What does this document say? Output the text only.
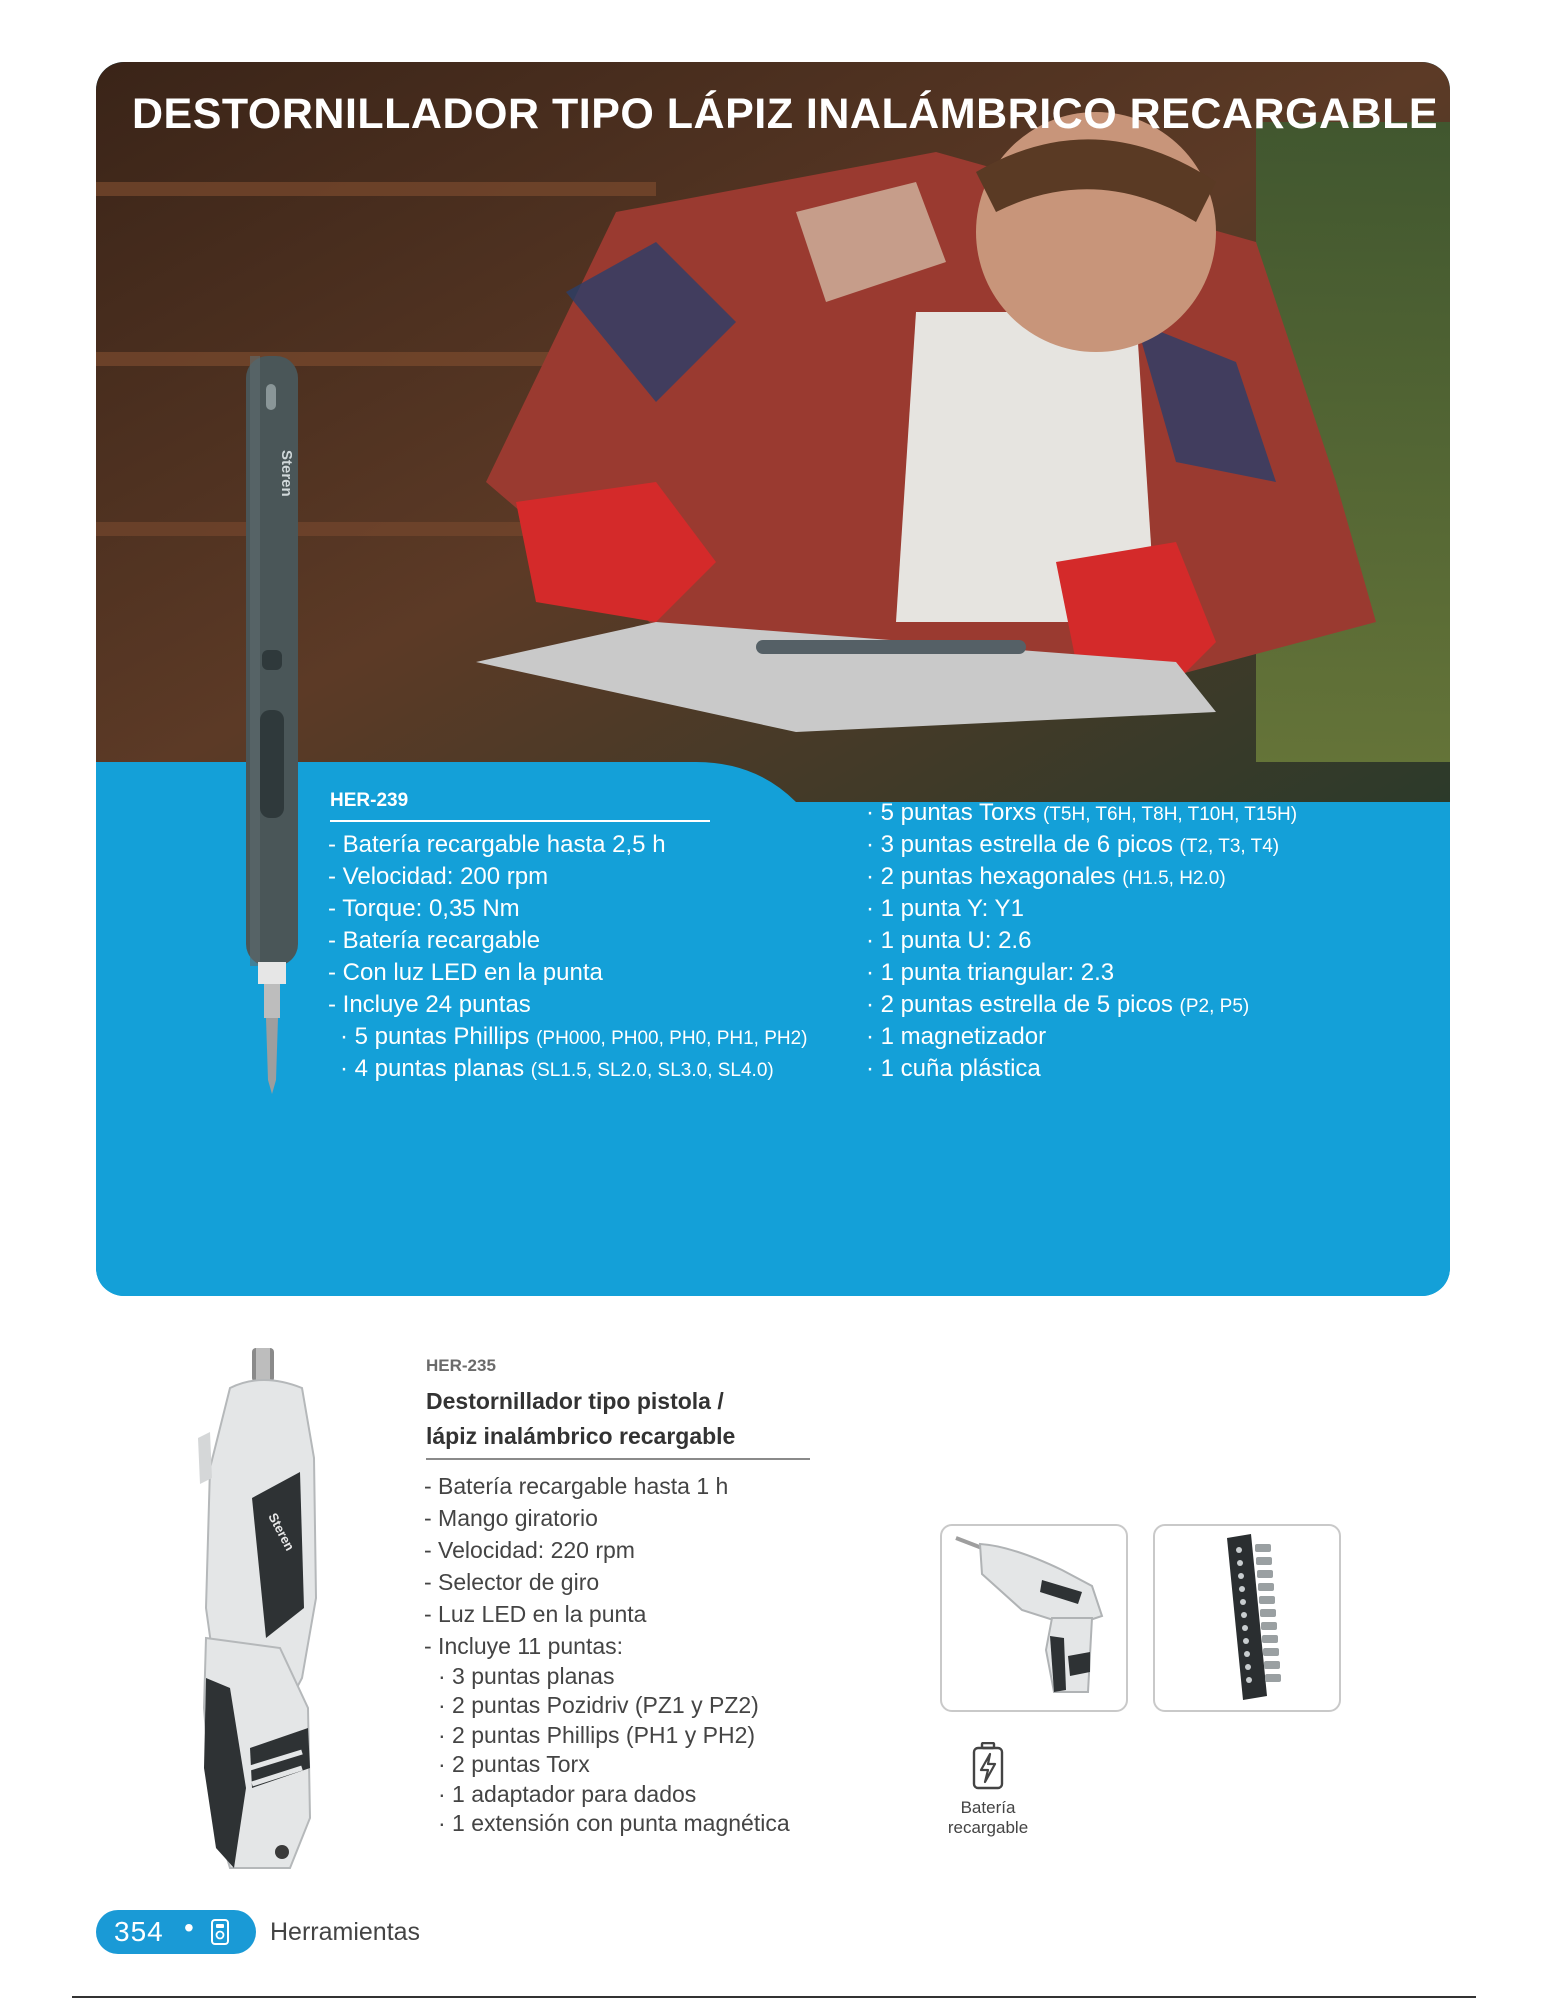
DESTORNILLADOR TIPO LÁPIZ INALÁMBRICO RECARGABLE
Steren
HER-239
- Batería recargable hasta 2,5 h
- Velocidad: 200 rpm
- Torque: 0,35 Nm
- Batería recargable
- Con luz LED en la punta
- Incluye 24 puntas
· 5 puntas Phillips (PH000, PH00, PH0, PH1, PH2)
· 4 puntas planas (SL1.5, SL2.0, SL3.0, SL4.0)
· 5 puntas Torxs (T5H, T6H, T8H, T10H, T15H)
· 3 puntas estrella de 6 picos (T2, T3, T4)
· 2 puntas hexagonales (H1.5, H2.0)
· 1 punta Y: Y1
· 1 punta U: 2.6
· 1 punta triangular: 2.3
· 2 puntas estrella de 5 picos (P2, P5)
· 1 magnetizador
· 1 cuña plástica
Steren
HER-235
Destornillador tipo pistola /
lápiz inalámbrico recargable
- Batería recargable hasta 1 h
- Mango giratorio
- Velocidad: 220 rpm
- Selector de giro
- Luz LED en la punta
- Incluye 11 puntas:
· 3 puntas planas
· 2 puntas Pozidriv (PZ1 y PZ2)
· 2 puntas Phillips (PH1 y PH2)
· 2 puntas Torx
· 1 adaptador para dados
· 1 extensión con punta magnética
Batería
recargable
354 •	Herramientas
